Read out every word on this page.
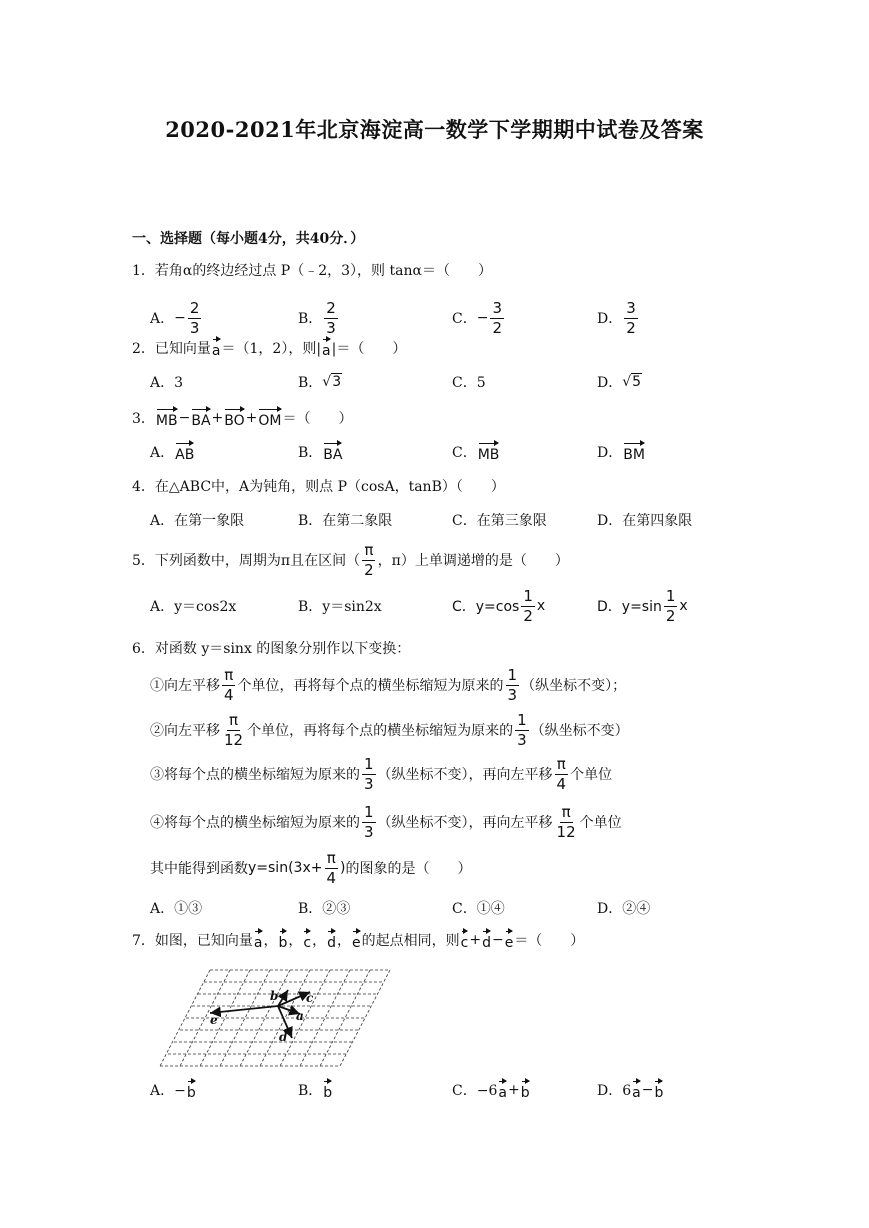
2020-2021年北京海淀高一数学下学期期中试卷及答案
一、选择题（每小题4分，共40分．）
1．若角α的终边经过点 P（﹣2，3），则 tanα＝（　　）
A． − $\frac{2}{3}$	B． $\frac{2}{3}$	C． − $\frac{3}{2}$	D． $\frac{3}{2}$
2．已知向量 a ＝（1，2），则| a |＝（　　）
A．3	B． √3	C．5	D． √5
3． MB − BA + BO + OM ＝（　　）
A． AB	B． BA	C． MB	D． BM
4．在△ABC中，A为钝角，则点 P（cosA，tanB）（　　）
A．在第一象限	B．在第二象限	C．在第三象限	D．在第四象限
5．下列函数中，周期为π且在区间（ $\frac{\pi}{2}$ ，π）上单调递增的是（　　）
A．y＝cos2x	B．y＝sin2x	C．$y=\cos \frac{1}{2}$ x	D．$y=\sin \frac{1}{2}$ x
6．对函数 y＝sinx 的图象分别作以下变换：
①向左平移 $\frac{\pi}{4}$ 个单位，再将每个点的横坐标缩短为原来的 $\frac{1}{3}$ （纵坐标不变）；
②向左平移 $\frac{\pi}{12}$ 个单位，再将每个点的横坐标缩短为原来的 $\frac{1}{3}$ （纵坐标不变）
③将每个点的横坐标缩短为原来的 $\frac{1}{3}$ （纵坐标不变），再向左平移 $\frac{\pi}{4}$ 个单位
④将每个点的横坐标缩短为原来的 $\frac{1}{3}$ （纵坐标不变），再向左平移 $\frac{\pi}{12}$ 个单位
其中能得到函数 $y=\sin(3x+ \frac{\pi}{4}$ ) 的图象的是（　　）
A．①③	B．②③	C．①④	D．②④
7．如图，已知向量 a ， b ， c ， d ， e 的起点相同，则 c + d − e ＝（　　）
e	a
b c
d
A．− b	B． b	C．−6 a + b	D．6 a − b
